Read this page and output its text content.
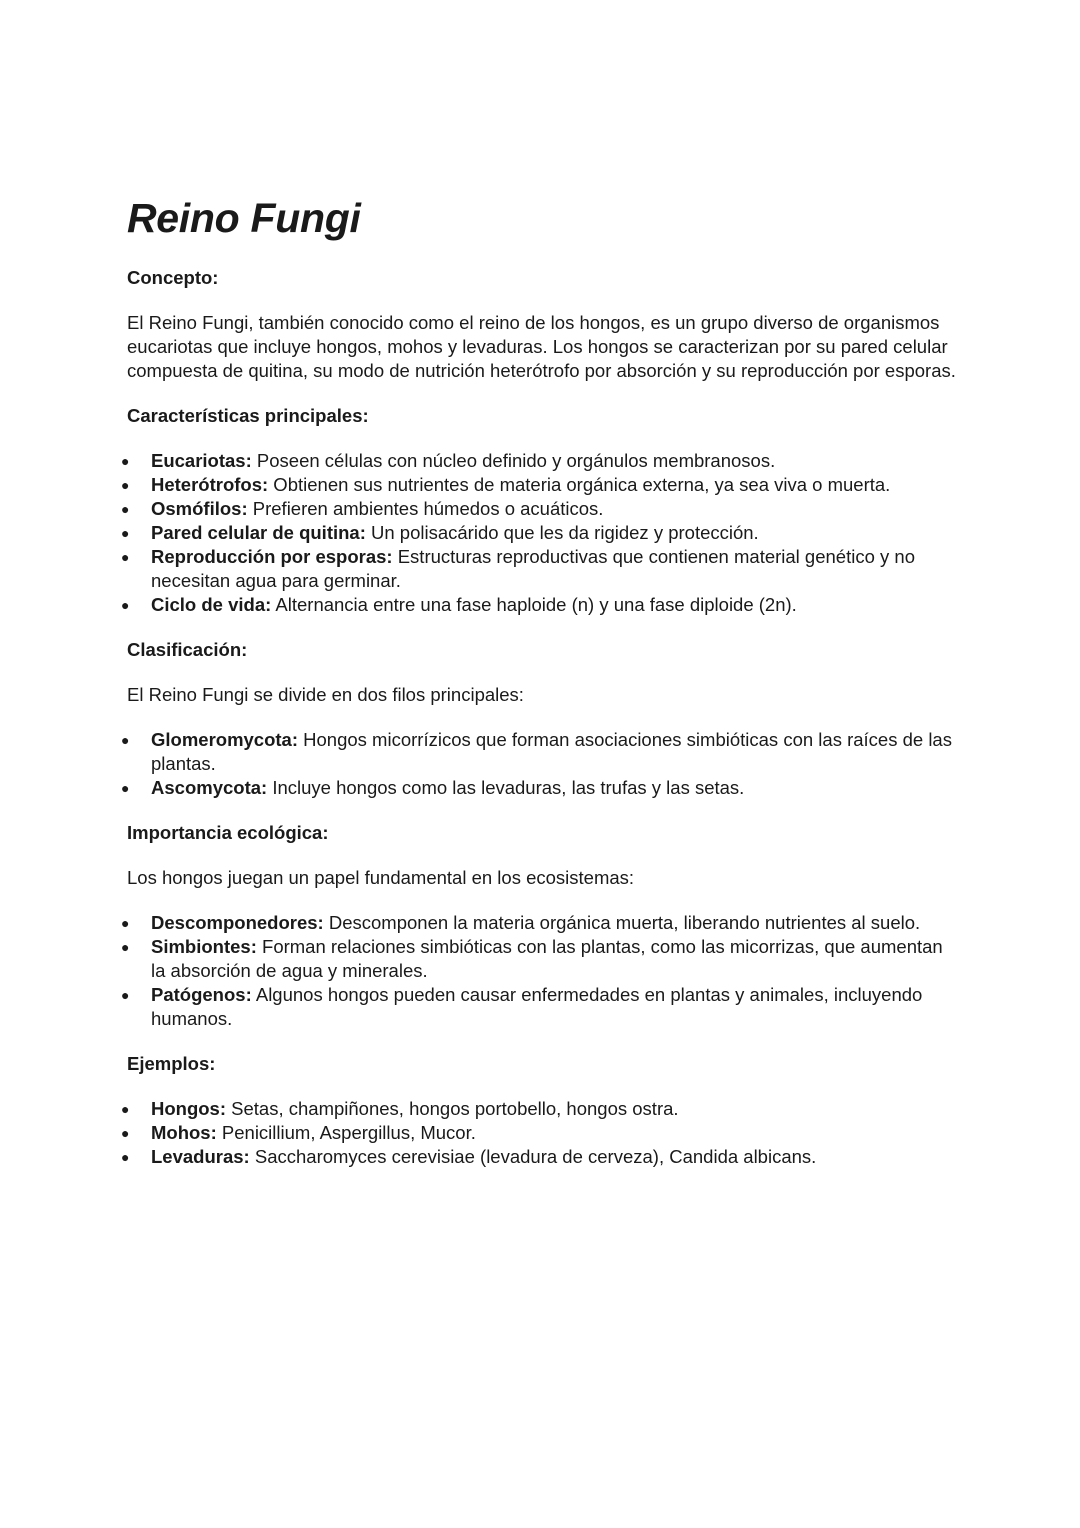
Reino Fungi
Concepto:

El Reino Fungi, también conocido como el reino de los hongos, es un grupo diverso de organismos eucariotas que incluye hongos, mohos y levaduras. Los hongos se caracterizan por su pared celular compuesta de quitina, su modo de nutrición heterótrofo por absorción y su reproducción por esporas.

Características principales:
● Eucariotas: Poseen células con núcleo definido y orgánulos membranosos.
● Heterótrofos: Obtienen sus nutrientes de materia orgánica externa, ya sea viva o muerta.
● Osmófilos: Prefieren ambientes húmedos o acuáticos.
● Pared celular de quitina: Un polisacárido que les da rigidez y protección.
● Reproducción por esporas: Estructuras reproductivas que contienen material genético y no necesitan agua para germinar.
● Ciclo de vida: Alternancia entre una fase haploide (n) y una fase diploide (2n).
Clasificación:

El Reino Fungi se divide en dos filos principales:

● Glomeromycota: Hongos micorrízicos que forman asociaciones simbióticas con las raíces de las plantas.
● Ascomycota: Incluye hongos como las levaduras, las trufas y las setas.
Importancia ecológica:

Los hongos juegan un papel fundamental en los ecosistemas:

● Descomponedores: Descomponen la materia orgánica muerta, liberando nutrientes al suelo.
● Simbiontes: Forman relaciones simbióticas con las plantas, como las micorrizas, que aumentan la absorción de agua y minerales.
● Patógenos: Algunos hongos pueden causar enfermedades en plantas y animales, incluyendo humanos.
Ejemplos:
● Hongos: Setas, champiñones, hongos portobello, hongos ostra.
● Mohos: Penicillium, Aspergillus, Mucor.
● Levaduras: Saccharomyces cerevisiae (levadura de cerveza), Candida albicans.
